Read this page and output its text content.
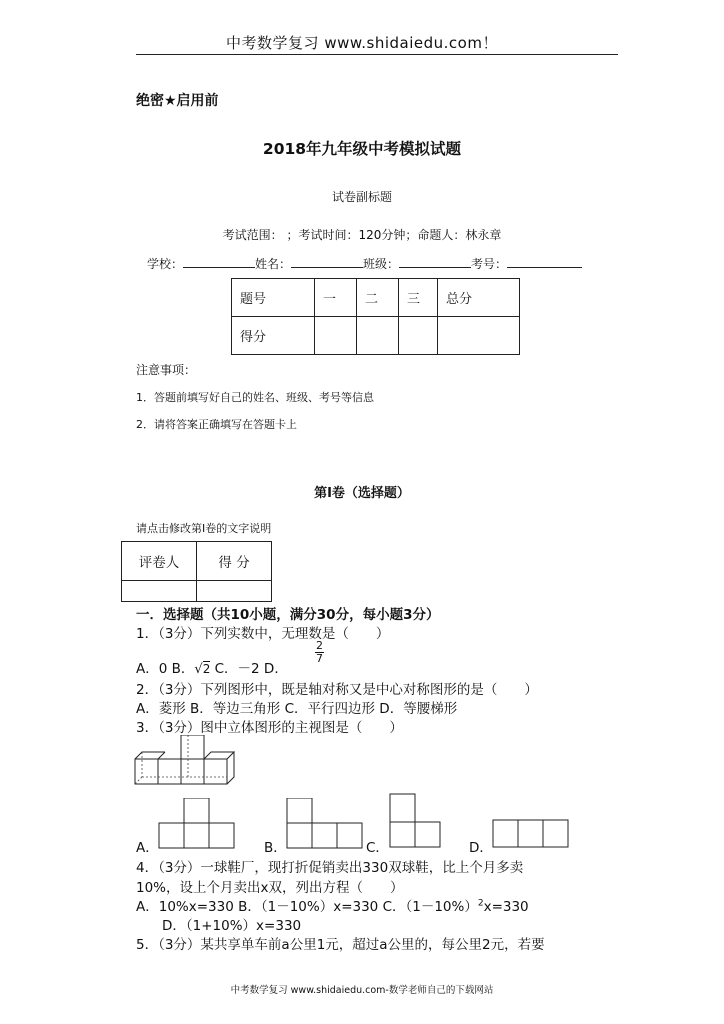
中考数学复习 www.shidaiedu.com！
绝密★启用前
2018年九年级中考模拟试题
试卷副标题
考试范围： ；考试时间：120分钟；命题人：林永章
学校：	姓名：	班级：	考号：
题号	一	二	三	总分
得分				
注意事项：
1．答题前填写好自己的姓名、班级、考号等信息
2．请将答案正确填写在答题卡上
第Ⅰ卷（选择题）
请点击修改第Ⅰ卷的文字说明
评卷人	得 分

一．选择题（共10小题，满分30分，每小题3分）
1．（3分）下列实数中，无理数是（　　）
A．0 B．√2 C．－2 D．
$\frac{2}{7}$
2．（3分）下列图形中，既是轴对称又是中心对称图形的是（　　）
A．菱形 B．等边三角形 C．平行四边形 D．等腰梯形
3．（3分）图中立体图形的主视图是（　　）
A．	B．	C．	D．
4．（3分）一球鞋厂，现打折促销卖出330双球鞋，比上个月多卖
10%，设上个月卖出x双，列出方程（　　）
A．10%x=330 B．（1－10%）x=330 C．$(1-10\%)^2x=330$
D．（1+10%）x=330
5．（3分）某共享单车前a公里1元，超过a公里的，每公里2元，若要
中考数学复习 www.shidaiedu.com-数学老师自己的下载网站
